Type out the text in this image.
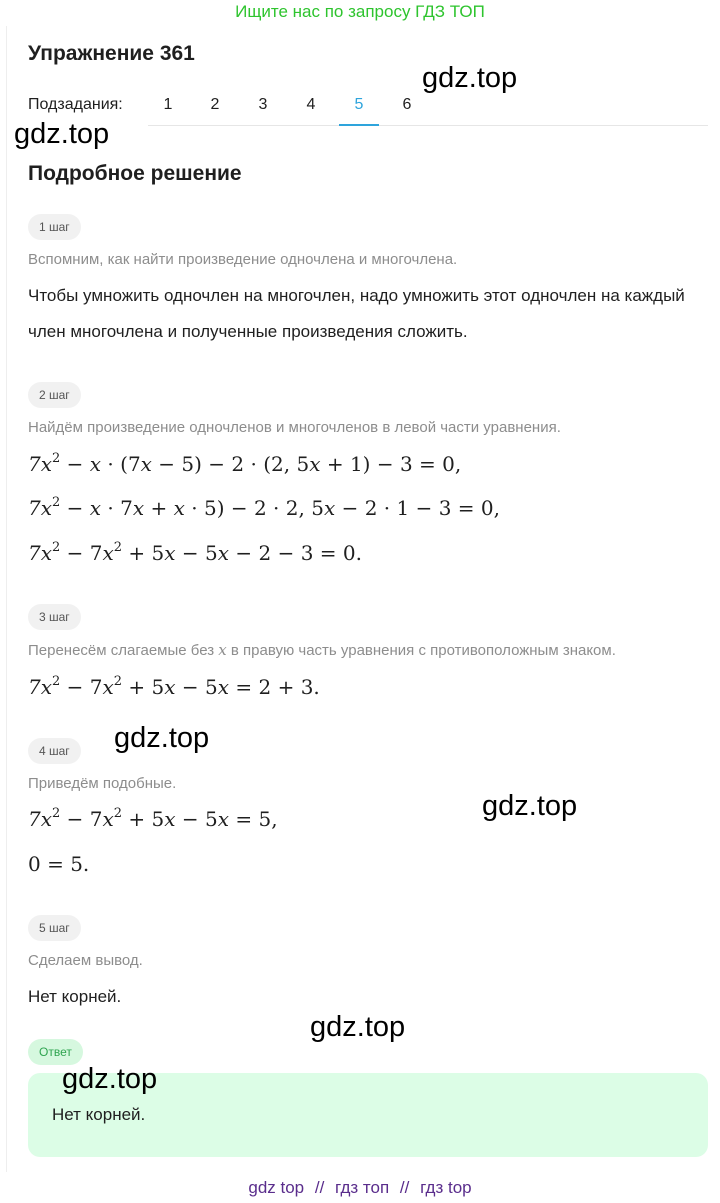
Ищите нас по запросу ГДЗ ТОП
Упражнение 361
Подзадания:	1	2	3	4	5	6
Подробное решение
1 шаг
Вспомним, как найти произведение одночлена и многочлена.
Чтобы умножить одночлен на многочлен, надо умножить этот одночлен на каждый член многочлена и полученные произведения сложить.
2 шаг
Найдём произведение одночленов и многочленов в левой части уравнения.
$7x^2 - x \cdot (7x - 5) - 2 \cdot (2$, 5x + 1) − 3 = 0,
$7x^2 - x \cdot 7x + x \cdot 5) - 2 \cdot 2$, 5x − 2 · 1 − 3 = 0,
$7x^2 - 7x^2 + 5x - 5x - 2 - 3 = 0$.
3 шаг
Перенесём слагаемые без x в правую часть уравнения с противоположным знаком.
$7x^2 - 7x^2 + 5x - 5x = 2 + 3$.
4 шаг
Приведём подобные.
$7x^2 - 7x^2 + 5x - 5x = 5$,
0 = 5.
5 шаг
Сделаем вывод.
Нет корней.
Ответ
Нет корней.
gdz.top
gdz.top
gdz.top
gdz.top
gdz.top
gdz.top
gdz top // гдз топ // гдз top
